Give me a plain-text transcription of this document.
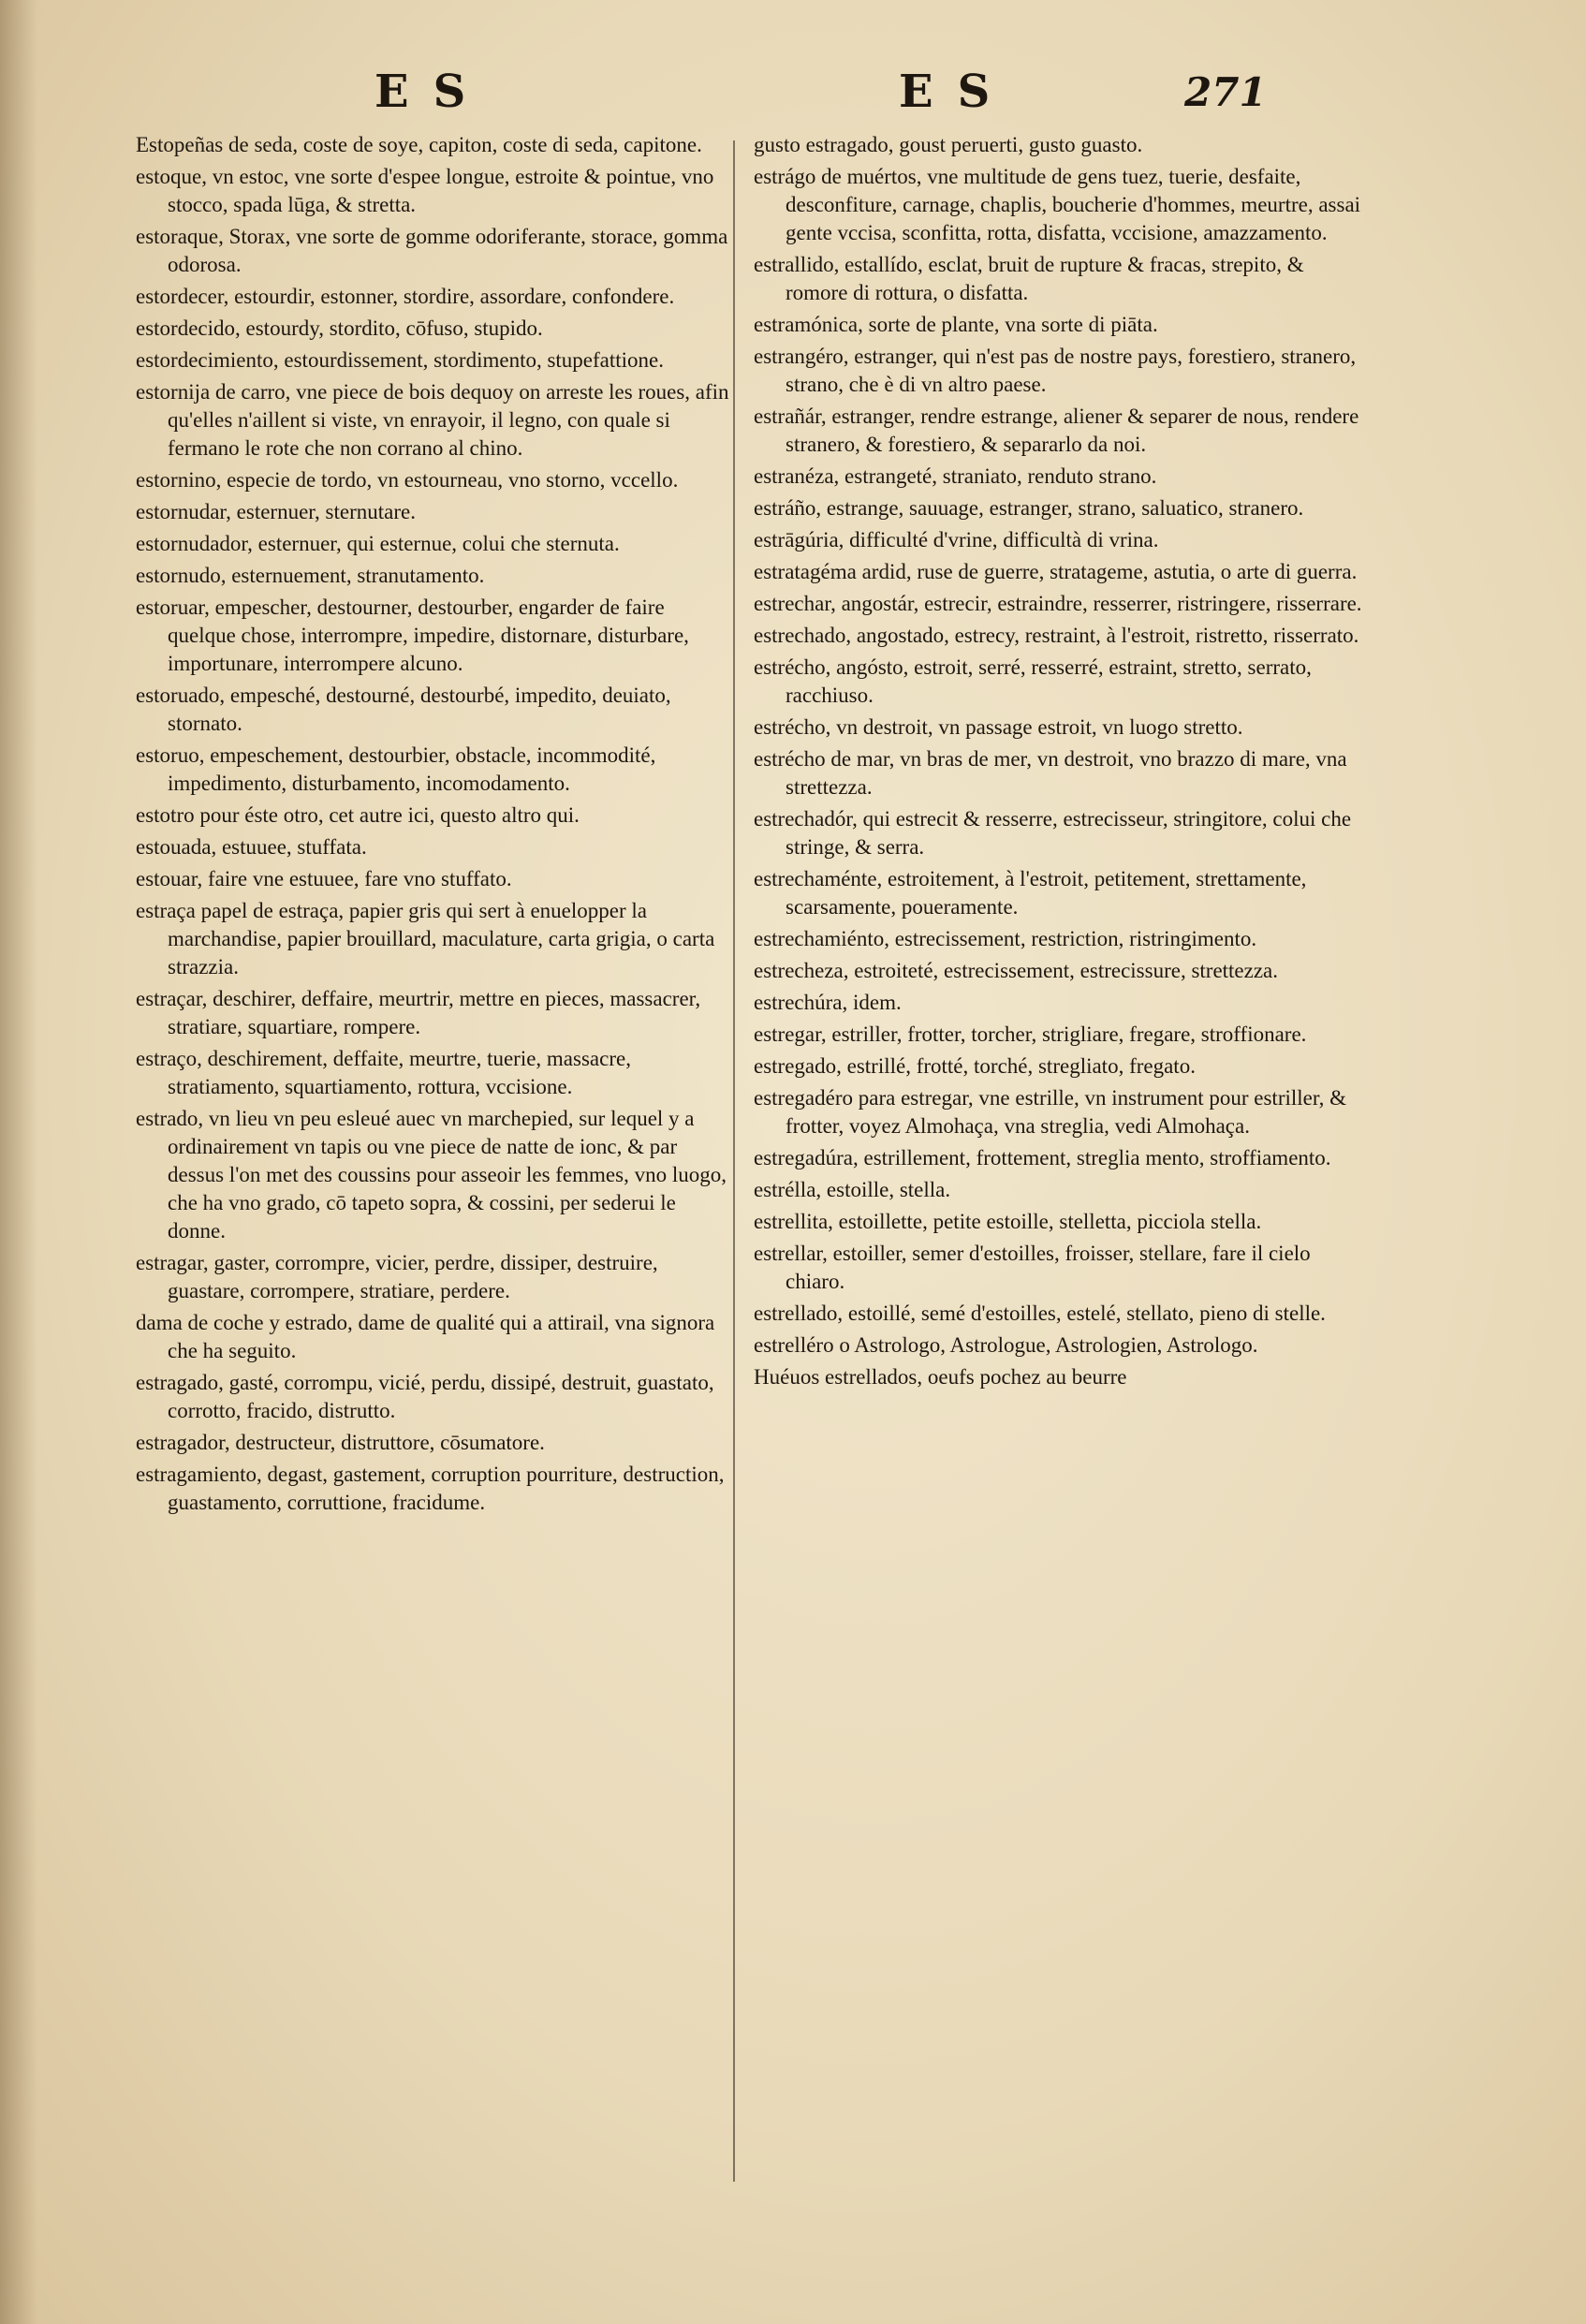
ES	ES	271
Estopeñas de seda, coste de soye, capiton, coste di seda, capitone.
estoque, vn estoc, vne sorte d'espee longue, estroite & pointue, vno stocco, spada lūga, & stretta.
estoraque, Storax, vne sorte de gomme odoriferante, storace, gomma odorosa.
estordecer, estourdir, estonner, stordire, assordare, confondere.
estordecido, estourdy, stordito, cōfuso, stupido.
estordecimiento, estourdissement, stordimento, stupefattione.
estornija de carro, vne piece de bois dequoy on arreste les roues, afin qu'elles n'aillent si viste, vn enrayoir, il legno, con quale si fermano le rote che non corrano al chino.
estornino, especie de tordo, vn estourneau, vno storno, vccello.
estornudar, esternuer, sternutare.
estornudador, esternuer, qui esternue, colui che sternuta.
estornudo, esternuement, stranutamento.
estoruar, empescher, destourner, destourber, engarder de faire quelque chose, interrompre, impedire, distornare, disturbare, importunare, interrompere alcuno.
estoruado, empesché, destourné, destourbé, impedito, deuiato, stornato.
estoruo, empeschement, destourbier, obstacle, incommodité, impedimento, disturbamento, incomodamento.
estotro pour éste otro, cet autre ici, questo altro qui.
estouada, estuuee, stuffata.
estouar, faire vne estuuee, fare vno stuffato.
estraça papel de estraça, papier gris qui sert à enuelopper la marchandise, papier brouillard, maculature, carta grigia, o carta strazzia.
estraçar, deschirer, deffaire, meurtrir, mettre en pieces, massacrer, stratiare, squartiare, rompere.
estraço, deschirement, deffaite, meurtre, tuerie, massacre, stratiamento, squartiamento, rottura, vccisione.
estrado, vn lieu vn peu esleué auec vn marchepied, sur lequel y a ordinairement vn tapis ou vne piece de natte de ionc, & par dessus l'on met des coussins pour asseoir les femmes, vno luogo, che ha vno grado, cō tapeto sopra, & cossini, per sederui le donne.
estragar, gaster, corrompre, vicier, perdre, dissiper, destruire, guastare, corrompere, stratiare, perdere.
dama de coche y estrado, dame de qualité qui a attirail, vna signora che ha seguito.
estragado, gasté, corrompu, vicié, perdu, dissipé, destruit, guastato, corrotto, fracido, distrutto.
estragador, destructeur, distruttore, cōsumatore.
estragamiento, degast, gastement, corruption pourriture, destruction, guastamento, corruttione, fracidume.
gusto estragado, goust peruerti, gusto guasto.
estrágo de muértos, vne multitude de gens tuez, tuerie, desfaite, desconfiture, carnage, chaplis, boucherie d'hommes, meurtre, assai gente vccisa, sconfitta, rotta, disfatta, vccisione, amazzamento.
estrallido, estallído, esclat, bruit de rupture & fracas, strepito, & romore di rottura, o disfatta.
estramónica, sorte de plante, vna sorte di piāta.
estrangéro, estranger, qui n'est pas de nostre pays, forestiero, stranero, strano, che è di vn altro paese.
estrañár, estranger, rendre estrange, aliener & separer de nous, rendere stranero, & forestiero, & separarlo da noi.
estranéza, estrangeté, straniato, renduto strano.
estráño, estrange, sauuage, estranger, strano, saluatico, stranero.
estrāgúria, difficulté d'vrine, difficultà di vrina.
estratagéma ardid, ruse de guerre, stratageme, astutia, o arte di guerra.
estrechar, angostár, estrecir, estraindre, resserrer, ristringere, risserrare.
estrechado, angostado, estrecy, restraint, à l'estroit, ristretto, risserrato.
estrécho, angósto, estroit, serré, resserré, estraint, stretto, serrato, racchiuso.
estrécho, vn destroit, vn passage estroit, vn luogo stretto.
estrécho de mar, vn bras de mer, vn destroit, vno brazzo di mare, vna strettezza.
estrechadór, qui estrecit & resserre, estrecisseur, stringitore, colui che stringe, & serra.
estrechaménte, estroitement, à l'estroit, petitement, strettamente, scarsamente, poueramente.
estrechamiénto, estrecissement, restriction, ristringimento.
estrecheza, estroiteté, estrecissement, estrecissure, strettezza.
estrechúra, idem.
estregar, estriller, frotter, torcher, strigliare, fregare, stroffionare.
estregado, estrillé, frotté, torché, stregliato, fregato.
estregadéro para estregar, vne estrille, vn instrument pour estriller, & frotter, voyez Almohaça, vna streglia, vedi Almohaça.
estregadúra, estrillement, frottement, streglia mento, stroffiamento.
estrélla, estoille, stella.
estrellita, estoillette, petite estoille, stelletta, picciola stella.
estrellar, estoiller, semer d'estoilles, froisser, stellare, fare il cielo chiaro.
estrellado, estoillé, semé d'estoilles, estelé, stellato, pieno di stelle.
estrelléro o Astrologo, Astrologue, Astrologien, Astrologo.
Huéuos estrellados, oeufs pochez au beurre
